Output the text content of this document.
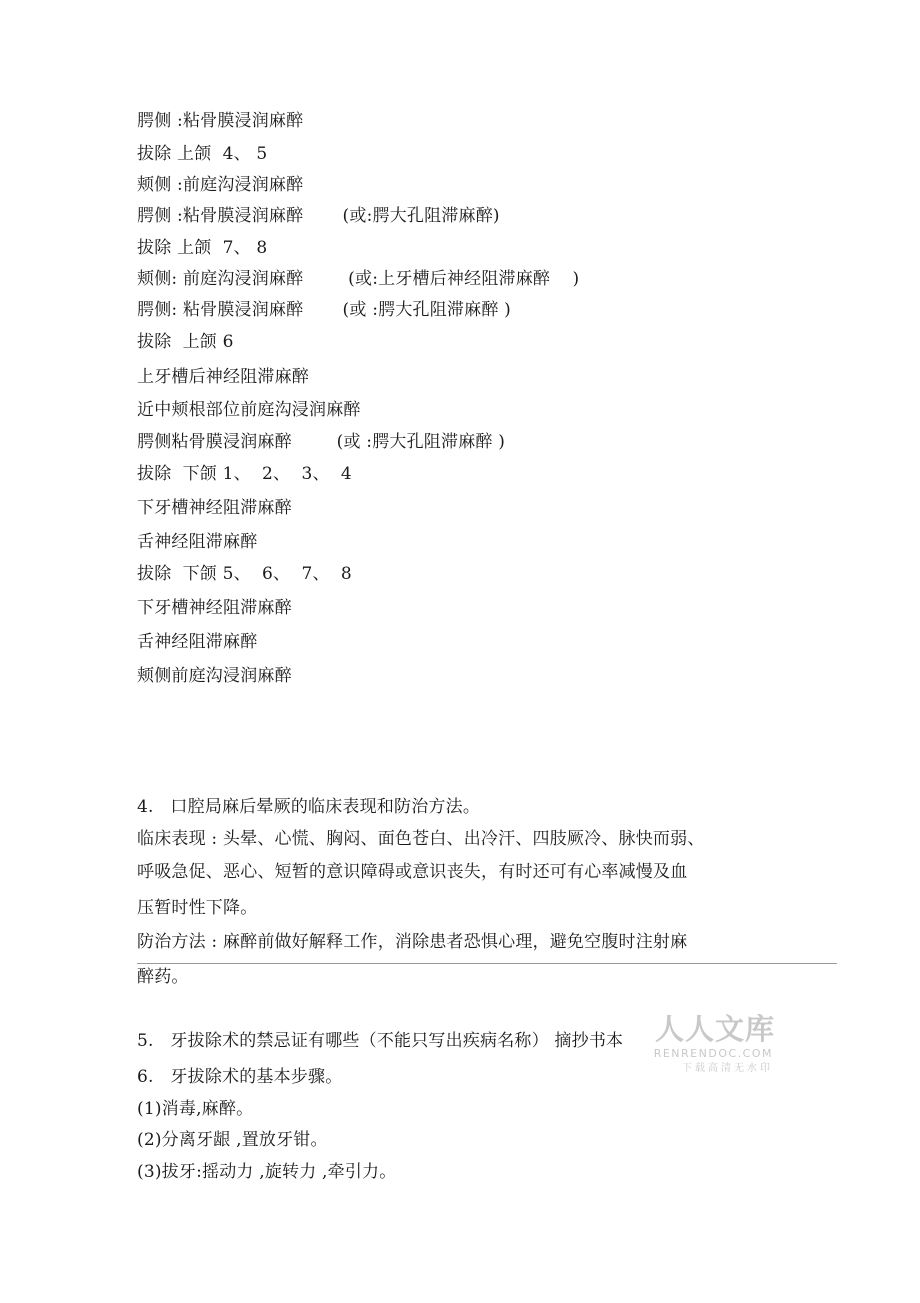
腭侧 :粘骨膜浸润麻醉
拔除 上颌  4、 5
颊侧 :前庭沟浸润麻醉
腭侧 :粘骨膜浸润麻醉       (或:腭大孔阻滞麻醉)
拔除 上颌  7、 8
颊侧: 前庭沟浸润麻醉        (或:上牙槽后神经阻滞麻醉    )
腭侧: 粘骨膜浸润麻醉       (或 :腭大孔阻滞麻醉 )
拔除  上颌 6
上牙槽后神经阻滞麻醉
近中颊根部位前庭沟浸润麻醉
腭侧粘骨膜浸润麻醉        (或 :腭大孔阻滞麻醉 )
拔除  下颌 1、  2、  3、  4
下牙槽神经阻滞麻醉
舌神经阻滞麻醉
拔除  下颌 5、  6、  7、  8
下牙槽神经阻滞麻醉
舌神经阻滞麻醉
颊侧前庭沟浸润麻醉
4.   口腔局麻后晕厥的临床表现和防治方法。
临床表现 : 头晕、心慌、胸闷、面色苍白、出冷汗、四肢厥冷、脉快而弱、
呼吸急促、恶心、短暂的意识障碍或意识丧失，有时还可有心率减慢及血
压暂时性下降。
防治方法 : 麻醉前做好解释工作，消除患者恐惧心理，避免空腹时注射麻
醉药。
5.   牙拔除术的禁忌证有哪些（不能只写出疾病名称） 摘抄书本
6.   牙拔除术的基本步骤。
(1)消毒,麻醉。
(2)分离牙龈 ,置放牙钳。
(3)拔牙:摇动力 ,旋转力 ,牵引力。
人人文库
RENRENDOC.COM
下载高清无水印
